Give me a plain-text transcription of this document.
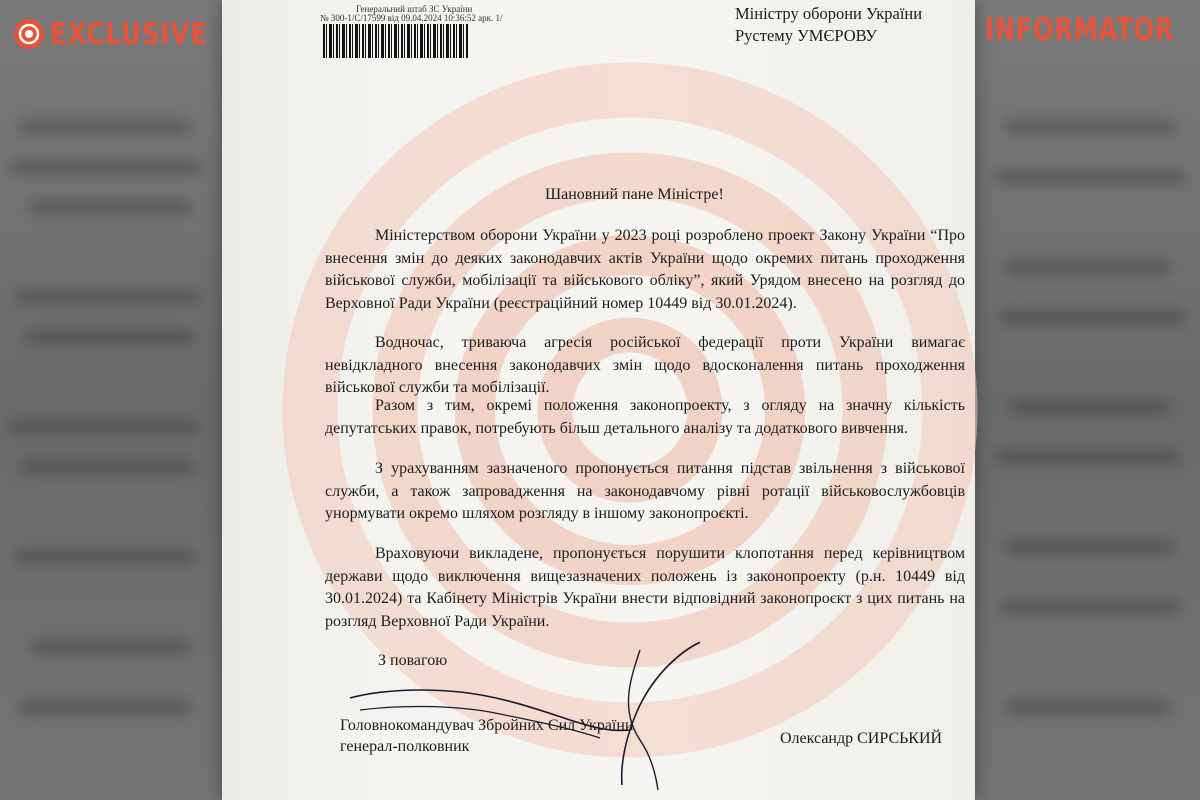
EXCLUSIVE	INFORMATOR
Генеральний штаб ЗС України
№ 300-1/С/17599 від 09.04.2024 10:36:52 арк. 1/	Міністру оборони України
Рустему УМЄРОВУ
Шановний пане Міністре!
Міністерством оборони України у 2023 році розроблено проект Закону України “Про внесення змін до деяких законодавчих актів України щодо окремих питань проходження військової служби, мобілізації та військового обліку”, який Урядом внесено на розгляд до Верховної Ради України (реєстраційний номер 10449 від 30.01.2024).
Водночас, триваюча агресія російської федерації проти України вимагає невідкладного внесення законодавчих змін щодо вдосконалення питань проходження військової служби та мобілізації.
Разом з тим, окремі положення законопроекту, з огляду на значну кількість депутатських правок, потребують більш детального аналізу та додаткового вивчення.
З урахуванням зазначеного пропонується питання підстав звільнення з військової служби, а також запровадження на законодавчому рівні ротації військовослужбовців унормувати окремо шляхом розгляду в іншому законопроєкті.
Враховуючи викладене, пропонується порушити клопотання перед керівництвом держави щодо виключення вищезазначених положень із законопроекту (р.н. 10449 від 30.01.2024) та Кабінету Міністрів України внести відповідний законопроєкт з цих питань на розгляд Верховної Ради України.
З повагою
Головнокомандувач Збройних Сил України
генерал-полковник	Олександр СИРСЬКИЙ
